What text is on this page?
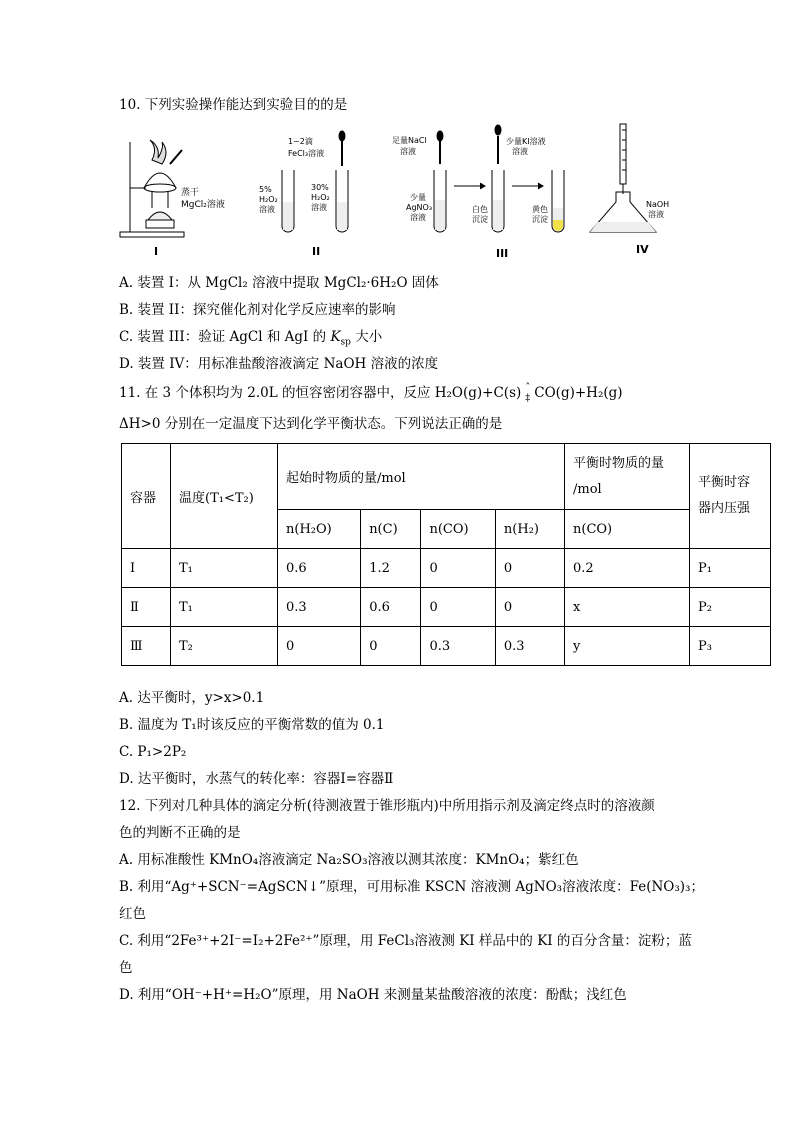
10. 下列实验操作能达到实验目的的是
蒸干
MgCl₂溶液
I
1~2滴
FeCl₃溶液
5%
H₂O₂
溶液
30%
H₂O₂
溶液
II
足量NaCl
溶液
少量
AgNO₃
溶液
少量KI溶液
溶液
白色
沉淀
黄色
沉淀
III
NaOH
溶液
IV
A. 装置 I：从 MgCl₂ 溶液中提取 MgCl₂·6H₂O 固体
B. 装置 II：探究催化剂对化学反应速率的影响
C. 装置 III：验证 AgCl 和 AgI 的 $K_{sp}$ 大小
D. 装置 IV：用标准盐酸溶液滴定 NaOH 溶液的浓度
11. 在 3 个体积均为 2.0L 的恒容密闭容器中，反应 H₂O(g)+C(s) ˆ
‡ CO(g)+H₂(g)
ΔH>0 分别在一定温度下达到化学平衡状态。下列说法正确的是
容器	温度(T₁<T₂)	起始时物质的量/mol				平衡时物质的量
/mol	平衡时容
器内压强
		n(H₂O)	n(C)	n(CO)	n(H₂)	n(CO)	
Ⅰ	T₁	0.6	1.2	0	0	0.2	P₁
Ⅱ	T₁	0.3	0.6	0	0	x	P₂
Ⅲ	T₂	0	0	0.3	0.3	y	P₃
A. 达平衡时，y>x>0.1
B. 温度为 T₁时该反应的平衡常数的值为 0.1
C. P₁>2P₂
D. 达平衡时，水蒸气的转化率：容器Ⅰ=容器Ⅱ
12. 下列对几种具体的滴定分析(待测液置于锥形瓶内)中所用指示剂及滴定终点时的溶液颜
色的判断不正确的是
A. 用标准酸性 KMnO₄溶液滴定 Na₂SO₃溶液以测其浓度：KMnO₄；紫红色
B. 利用“Ag⁺+SCN⁻=AgSCN↓”原理，可用标准 KSCN 溶液测 AgNO₃溶液浓度：Fe(NO₃)₃；
红色
C. 利用“2Fe³⁺+2I⁻=I₂+2Fe²⁺”原理，用 FeCl₃溶液测 KI 样品中的 KI 的百分含量：淀粉；蓝
色
D. 利用“OH⁻+H⁺=H₂O”原理，用 NaOH 来测量某盐酸溶液的浓度：酚酞；浅红色
